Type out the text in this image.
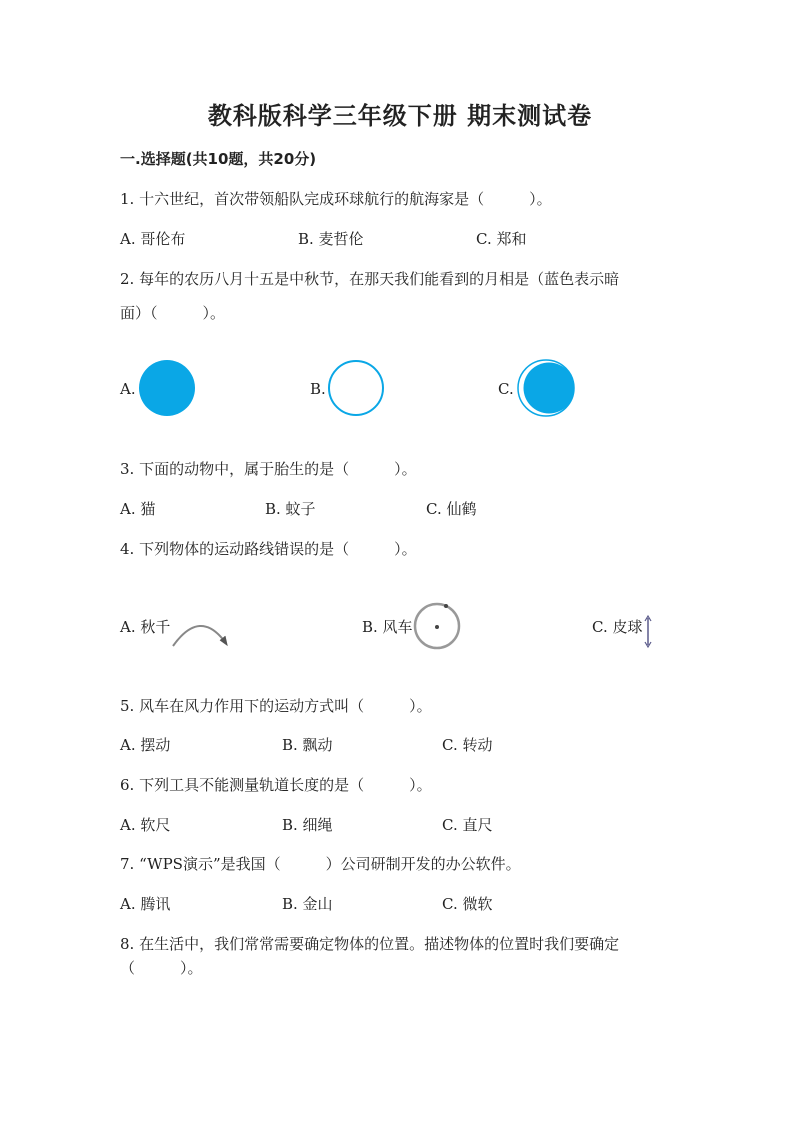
教科版科学三年级下册 期末测试卷
一.选择题(共10题，共20分)
1. 十六世纪，首次带领船队完成环球航行的航海家是（　　　）。
A. 哥伦布	B. 麦哲伦	C. 郑和
2. 每年的农历八月十五是中秋节，在那天我们能看到的月相是（蓝色表示暗
面）（　　　）。
A.	B.	C.
3. 下面的动物中，属于胎生的是（　　　）。
A. 猫	B. 蚊子	C. 仙鹤
4. 下列物体的运动路线错误的是（　　　）。
A. 秋千	B. 风车	C. 皮球
5. 风车在风力作用下的运动方式叫（　　　）。
A. 摆动	B. 飘动	C. 转动
6. 下列工具不能测量轨道长度的是（　　　）。
A. 软尺	B. 细绳	C. 直尺
7. “WPS演示”是我国（　　　）公司研制开发的办公软件。
A. 腾讯	B. 金山	C. 微软
8. 在生活中，我们常常需要确定物体的位置。描述物体的位置时我们要确定
（　　　）。
